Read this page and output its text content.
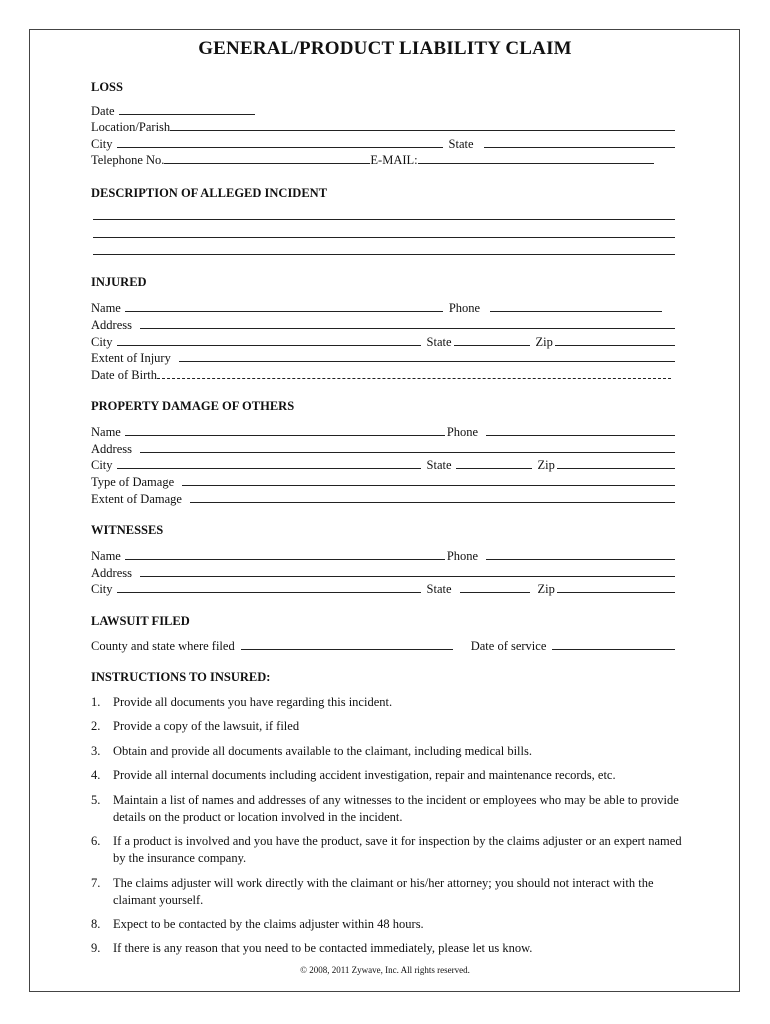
GENERAL/PRODUCT LIABILITY CLAIM
LOSS
Date
Location/Parish
City	State
Telephone No.	E-MAIL:
DESCRIPTION OF ALLEGED INCIDENT
INJURED
Name	Phone
Address
City	State	Zip
Extent of Injury
Date of Birth
PROPERTY DAMAGE OF OTHERS
Name	Phone
Address
City	State	Zip
Type of Damage
Extent of Damage
WITNESSES
Name	Phone
Address
City	State	Zip
LAWSUIT FILED
County and state where filed	Date of service
INSTRUCTIONS TO INSURED:
1. Provide all documents you have regarding this incident.
2. Provide a copy of the lawsuit, if filed
3. Obtain and provide all documents available to the claimant, including medical bills.
4. Provide all internal documents including accident investigation, repair and maintenance records, etc.
5. Maintain a list of names and addresses of any witnesses to the incident or employees who may be able to provide details on the product or location involved in the incident.
6. If a product is involved and you have the product, save it for inspection by the claims adjuster or an expert named by the insurance company.
7. The claims adjuster will work directly with the claimant or his/her attorney; you should not interact with the claimant yourself.
8. Expect to be contacted by the claims adjuster within 48 hours.
9. If there is any reason that you need to be contacted immediately, please let us know.
© 2008, 2011 Zywave, Inc. All rights reserved.
